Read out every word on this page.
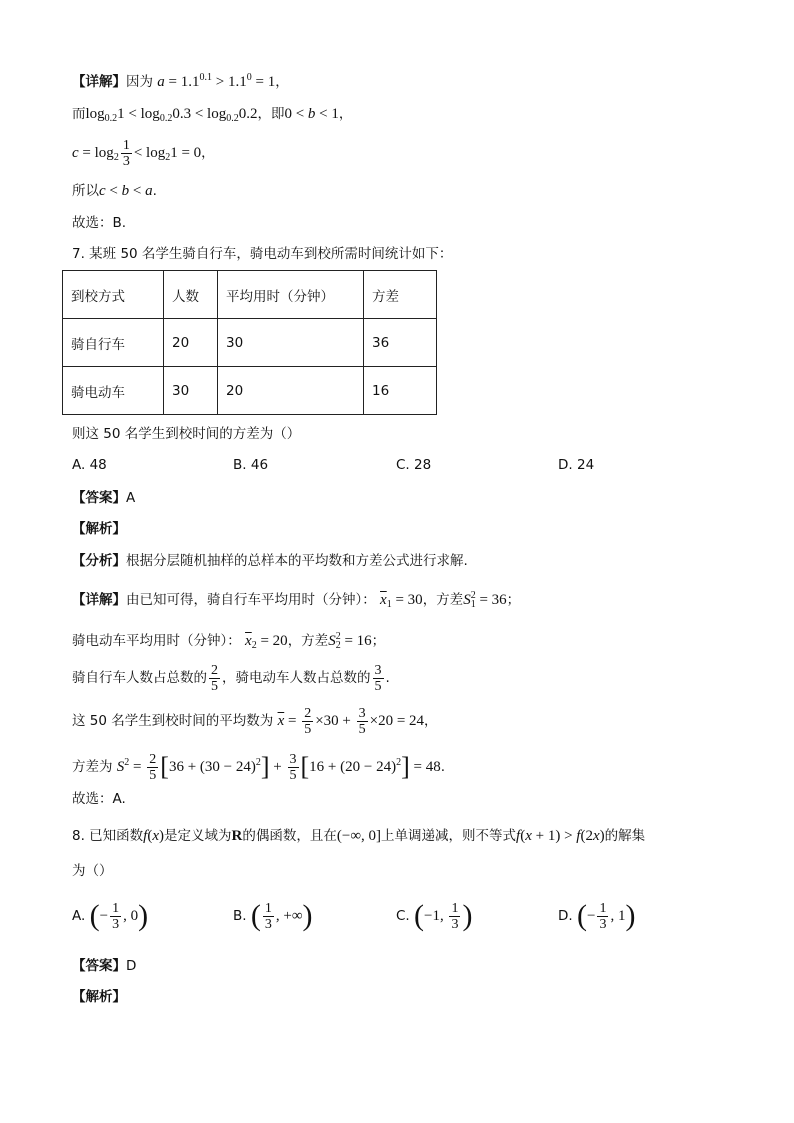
【详解】因为 $a = 1.1^{0.1} > 1.1^0 = 1$，
而$\log_{0.2}1 < \log_{0.2}0.3 < \log_{0.2}0.2$，即0 < b < 1，
$c = \log_2 \frac{1}{3} < \log_21 = 0$，
所以c < b < a.
故选：B.
7. 某班 50 名学生骑自行车，骑电动车到校所需时间统计如下：
到校方式	人数	平均用时（分钟）	方差
骑自行车	20	30	36
骑电动车	30	20	16
则这 50 名学生到校时间的方差为（）
A. 48	B. 46	C. 28	D. 24
【答案】A
【解析】
【分析】根据分层随机抽样的总样本的平均数和方差公式进行求解.
【详解】由已知可得，骑自行车平均用时（分钟）： $\overline{x}_1 = 30$，方差$S^2_1 = 36$；
骑电动车平均用时（分钟）： $\overline{x}_2 = 20$，方差$S^2_2 = 16$；
骑自行车人数占总数的 $\frac{2}{5}$ ，骑电动车人数占总数的 $\frac{3}{5}$ .
这 50 名学生到校时间的平均数为 $\overline{x} = \frac{2}{5} \times 30 + \frac{3}{5} \times 20 = 24$，
方差为 $S^2 = \frac{2}{5} [36 + (30 - 24)^2] + \frac{3}{5} [16 + (20 - 24)^2] = 48$.
故选：A.
8. 已知函数f(x)是定义域为R的偶函数，且在(−∞, 0]上单调递减，则不等式f(x + 1) > f(2x)的解集
为（）
A. (− $\frac{1}{3}$ , 0)	B. ( $\frac{1}{3}$ , +∞)	C. (−1, $\frac{1}{3}$ )	D. (− $\frac{1}{3}$ , 1)
【答案】D
【解析】
